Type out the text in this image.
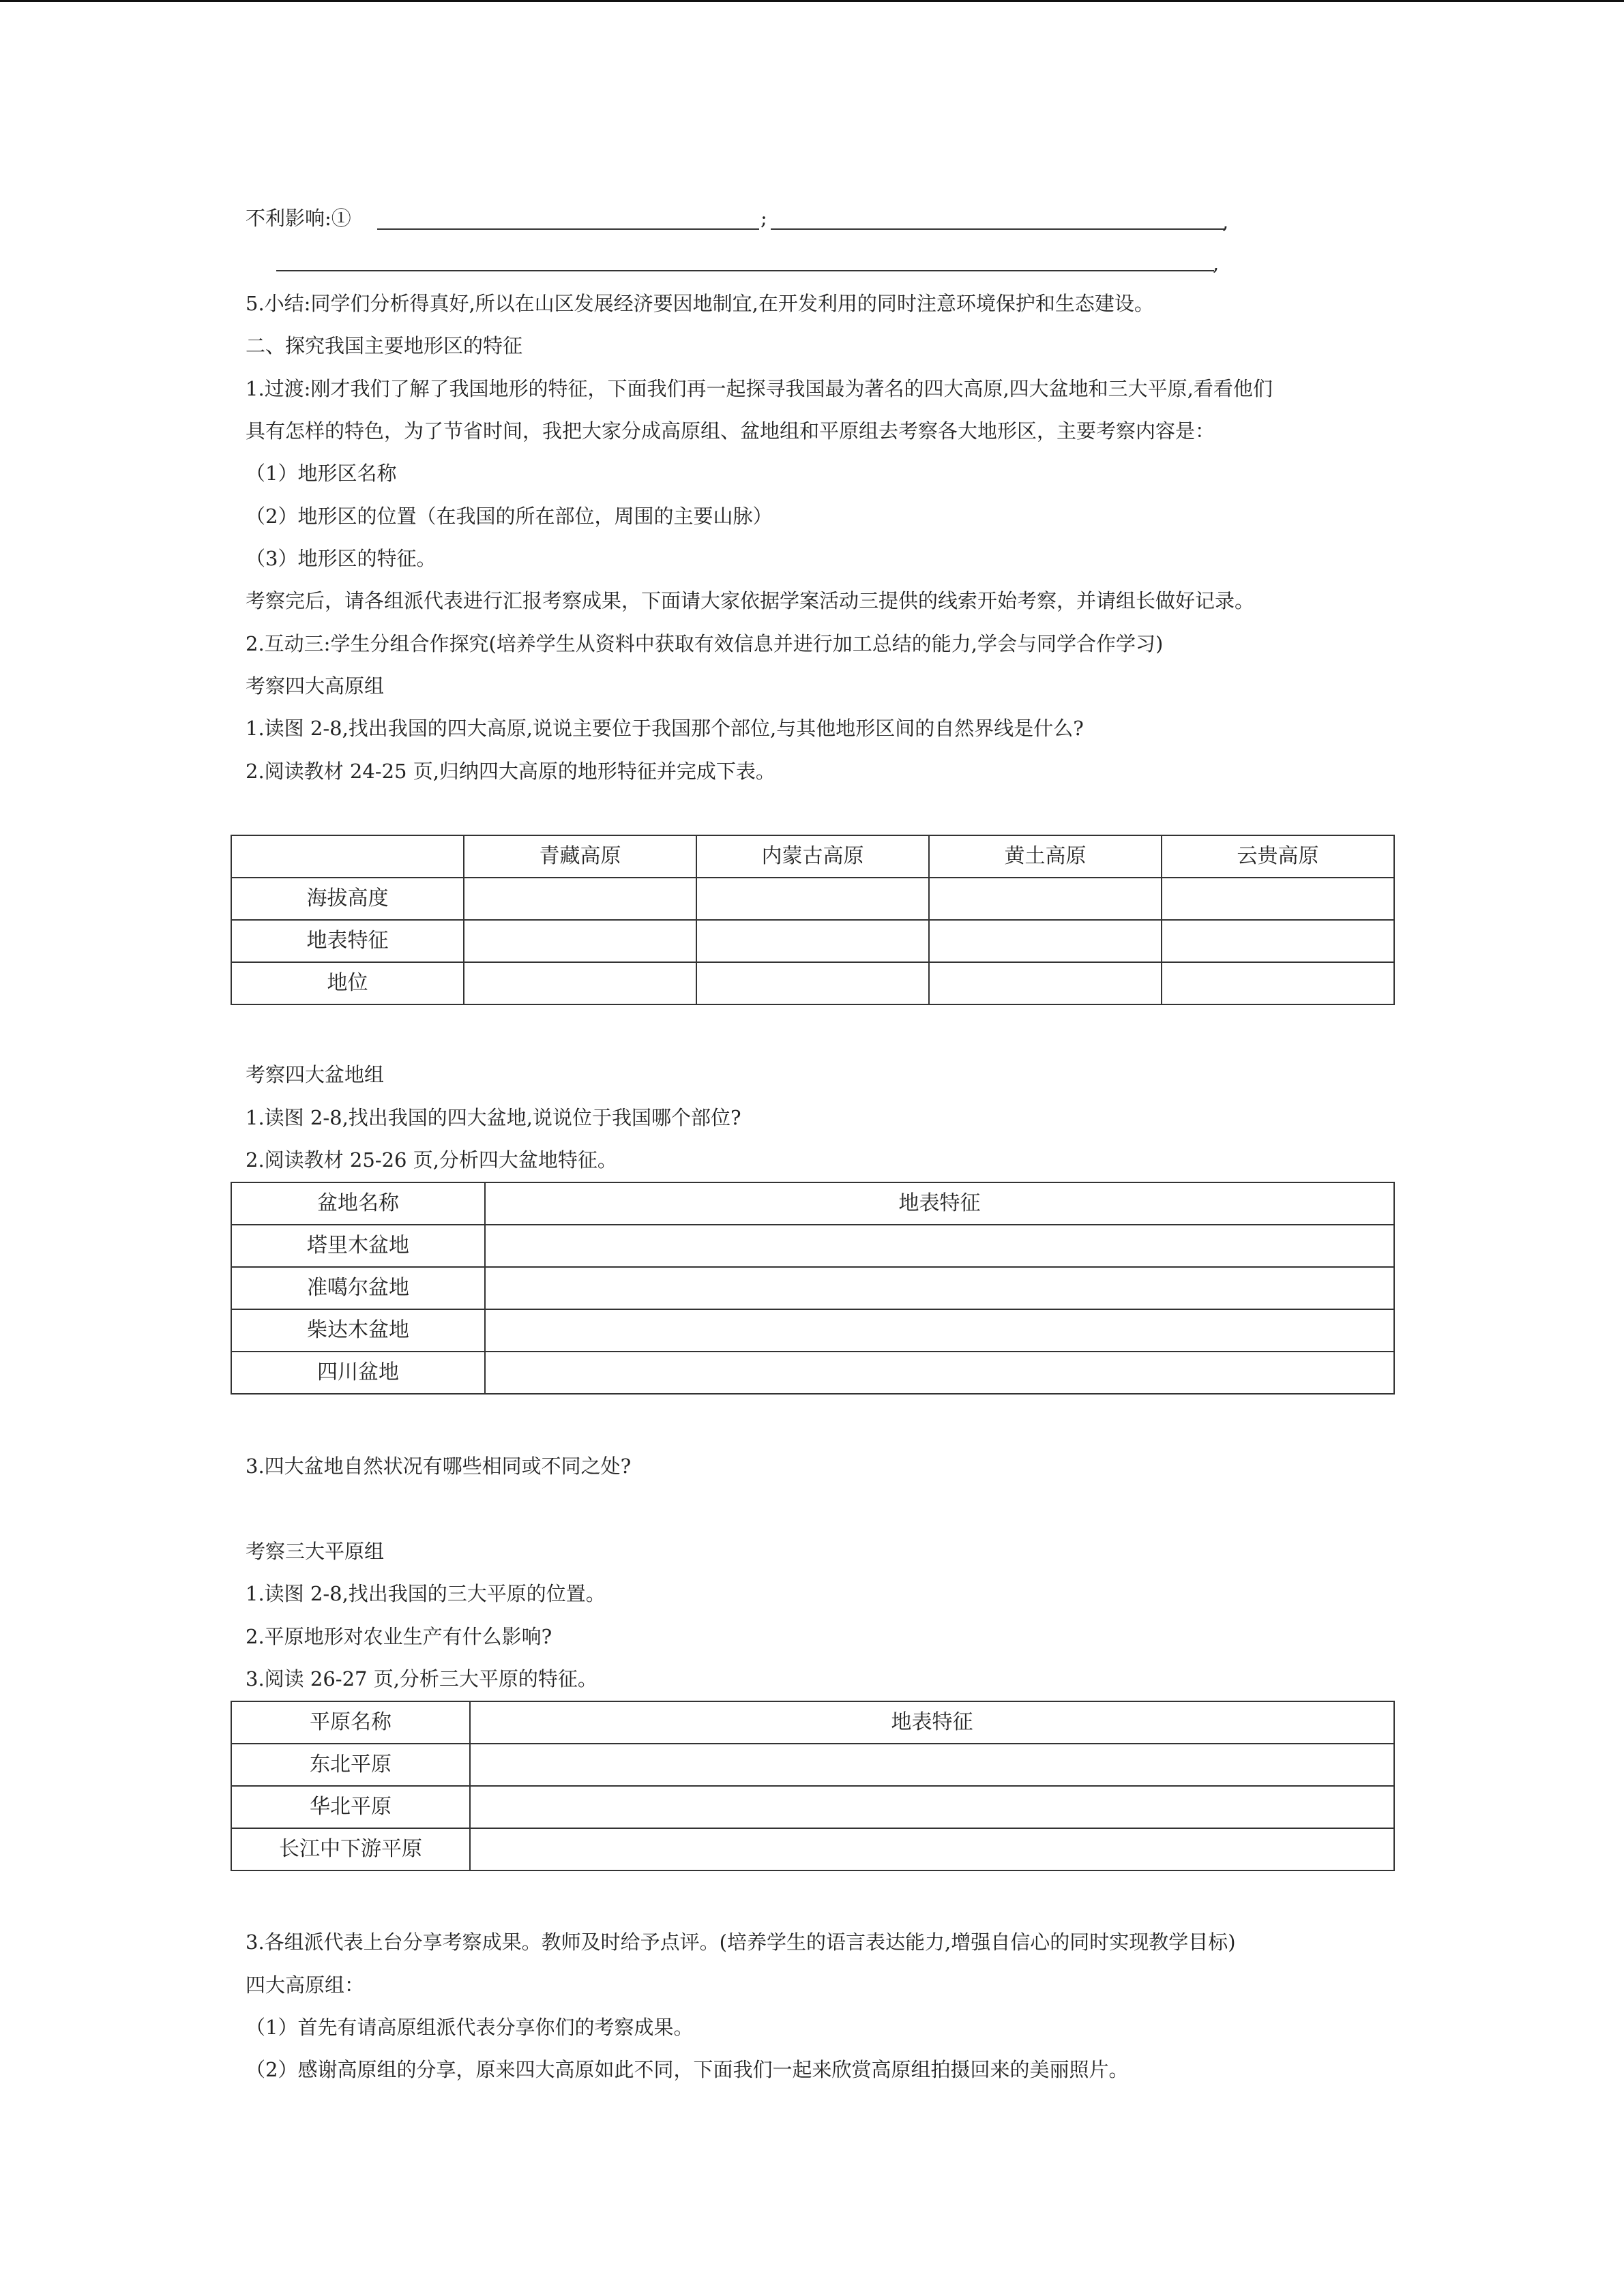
不利影响:①	;	,
,
5.小结:同学们分析得真好,所以在山区发展经济要因地制宜,在开发利用的同时注意环境保护和生态建设。
二、探究我国主要地形区的特征
1.过渡:刚才我们了解了我国地形的特征，下面我们再一起探寻我国最为著名的四大高原,四大盆地和三大平原,看看他们
具有怎样的特色，为了节省时间，我把大家分成高原组、盆地组和平原组去考察各大地形区，主要考察内容是：
（1）地形区名称
（2）地形区的位置（在我国的所在部位，周围的主要山脉）
（3）地形区的特征。
考察完后，请各组派代表进行汇报考察成果，下面请大家依据学案活动三提供的线索开始考察，并请组长做好记录。
2.互动三:学生分组合作探究(培养学生从资料中获取有效信息并进行加工总结的能力,学会与同学合作学习)
考察四大高原组
1.读图 2-8,找出我国的四大高原,说说主要位于我国那个部位,与其他地形区间的自然界线是什么?
2.阅读教材 24-25 页,归纳四大高原的地形特征并完成下表。
	青藏高原	内蒙古高原	黄土高原	云贵高原
海拔高度				
地表特征				
地位				
考察四大盆地组
1.读图 2-8,找出我国的四大盆地,说说位于我国哪个部位?
2.阅读教材 25-26 页,分析四大盆地特征。
盆地名称	地表特征
塔里木盆地	
准噶尔盆地	
柴达木盆地	
四川盆地	
3.四大盆地自然状况有哪些相同或不同之处?
考察三大平原组
1.读图 2-8,找出我国的三大平原的位置。
2.平原地形对农业生产有什么影响?
3.阅读 26-27 页,分析三大平原的特征。
平原名称	地表特征
东北平原	
华北平原	
长江中下游平原	
3.各组派代表上台分享考察成果。教师及时给予点评。(培养学生的语言表达能力,增强自信心的同时实现教学目标)
四大高原组：
（1）首先有请高原组派代表分享你们的考察成果。
（2）感谢高原组的分享，原来四大高原如此不同，下面我们一起来欣赏高原组拍摄回来的美丽照片。
